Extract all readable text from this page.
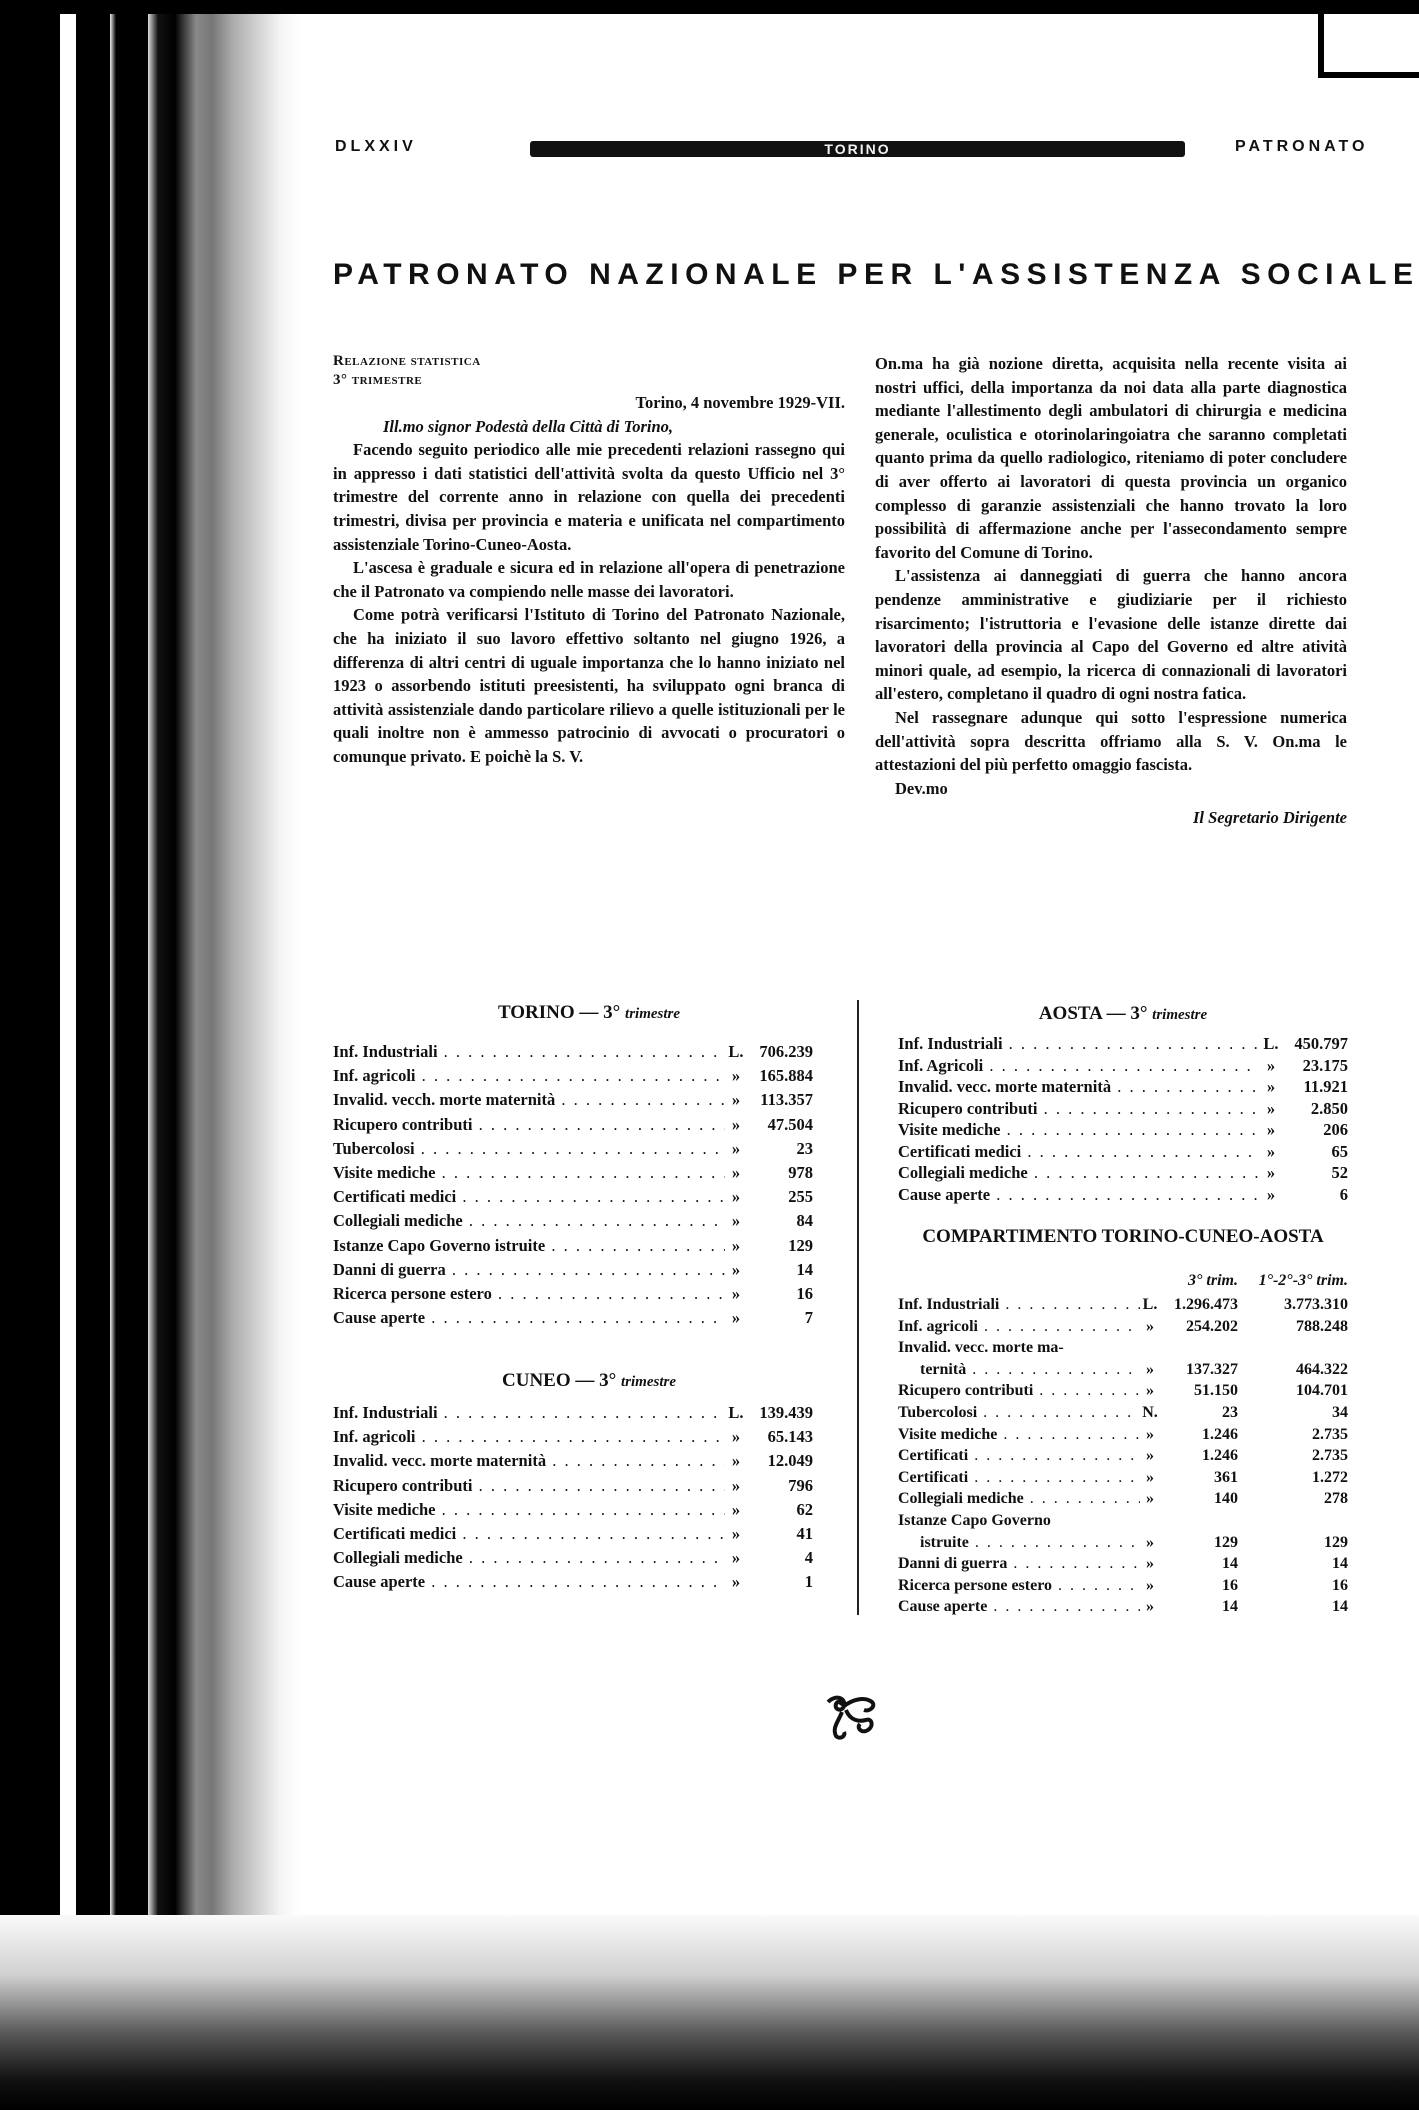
DLXXIV	TORINO	PATRONATO
PATRONATO NAZIONALE PER L'ASSISTENZA SOCIALE
Relazione statistica
3° trimestre
Torino, 4 novembre 1929-VII.
Ill.mo signor Podestà della Città di Torino,

Facendo seguito periodico alle mie precedenti relazioni rassegno qui in appresso i dati statistici dell'attività svolta da questo Ufficio nel 3° trimestre del corrente anno in relazione con quella dei precedenti trimestri, divisa per provincia e materia e unificata nel compartimento assistenziale Torino-Cuneo-Aosta.

L'ascesa è graduale e sicura ed in relazione all'opera di penetrazione che il Patronato va compiendo nelle masse dei lavoratori.

Come potrà verificarsi l'Istituto di Torino del Patronato Nazionale, che ha iniziato il suo lavoro effettivo soltanto nel giugno 1926, a differenza di altri centri di uguale importanza che lo hanno iniziato nel 1923 o assorbendo istituti preesistenti, ha sviluppato ogni branca di attività assistenziale dando particolare rilievo a quelle istituzionali per le quali inoltre non è ammesso patrocinio di avvocati o procuratori o comunque privato. E poichè la S. V.

On.ma ha già nozione diretta, acquisita nella recente visita ai nostri uffici, della importanza da noi data alla parte diagnostica mediante l'allestimento degli ambulatori di chirurgia e medicina generale, oculistica e otorinolaringoiatra che saranno completati quanto prima da quello radiologico, riteniamo di poter concludere di aver offerto ai lavoratori di questa provincia un organico complesso di garanzie assistenziali che hanno trovato la loro possibilità di affermazione anche per l'assecondamento sempre favorito del Comune di Torino.

L'assistenza ai danneggiati di guerra che hanno ancora pendenze amministrative e giudiziarie per il richiesto risarcimento; l'istruttoria e l'evasione delle istanze dirette dai lavoratori della provincia al Capo del Governo ed altre atività minori quale, ad esempio, la ricerca di connazionali di lavoratori all'estero, completano il quadro di ogni nostra fatica.

Nel rassegnare adunque qui sotto l'espressione numerica dell'attività sopra descritta offriamo alla S. V. On.ma le attestazioni del più perfetto omaggio fascista.

Dev.mo

Il Segretario Dirigente
TORINO — 3° trimestre
Inf. Industriali . . .	L. 706.239
Inf. agricoli . . .	»	165.884
Invalid. vecch. morte maternità . . .	»	113.357
Ricupero contributi . . .	»	47.504
Tubercolosi . . .	»	23
Visite mediche . . .	»	978
Certificati medici . . .	»	255
Collegiali mediche . . .	»	84
Istanze Capo Governo istruite . . .	»	129
Danni di guerra . . .	»	14
Ricerca persone estero . . .	»	16
Cause aperte . . .	»	7
CUNEO — 3° trimestre
Inf. Industriali . . .	L. 139.439
Inf. agricoli . . .	»	65.143
Invalid. vecc. morte maternità . . .	»	12.049
Ricupero contributi . . .	»	796
Visite mediche . . .	»	62
Certificati medici . . .	»	41
Collegiali mediche . . .	»	4
Cause aperte . . .	»	1
AOSTA — 3° trimestre
Inf. Industriali . . .	L. 450.797
Inf. Agricoli . . .	»	23.175
Invalid. vecc. morte maternità . . .	»	11.921
Ricupero contributi . . .	»	2.850
Visite mediche . . .	»	206
Certificati medici . . .	»	65
Collegiali mediche . . .	»	52
Cause aperte . . .	»	6
COMPARTIMENTO TORINO-CUNEO-AOSTA
3° trim.	1°-2°-3° trim.
Inf. Industriali . . .	L.	1.296.473	3.773.310
Inf. agricoli . . .	»	254.202	788.248
Invalid. vecc. morte ma-
ternità . . .	»	137.327	464.322
Ricupero contributi . . .	»	51.150	104.701
Tubercolosi . . .	N.	23	34
Visite mediche . . .	»	1.246	2.735
Certificati . . .	»	1.246	2.735
Certificati . . .	»	361	1.272
Collegiali mediche . . .	»	140	278
Istanze Capo Governo
istruite . . .	»	129	129
Danni di guerra . . .	»	14	14
Ricerca persone estero . . .	»	16	16
Cause aperte . . .	»	14	14
